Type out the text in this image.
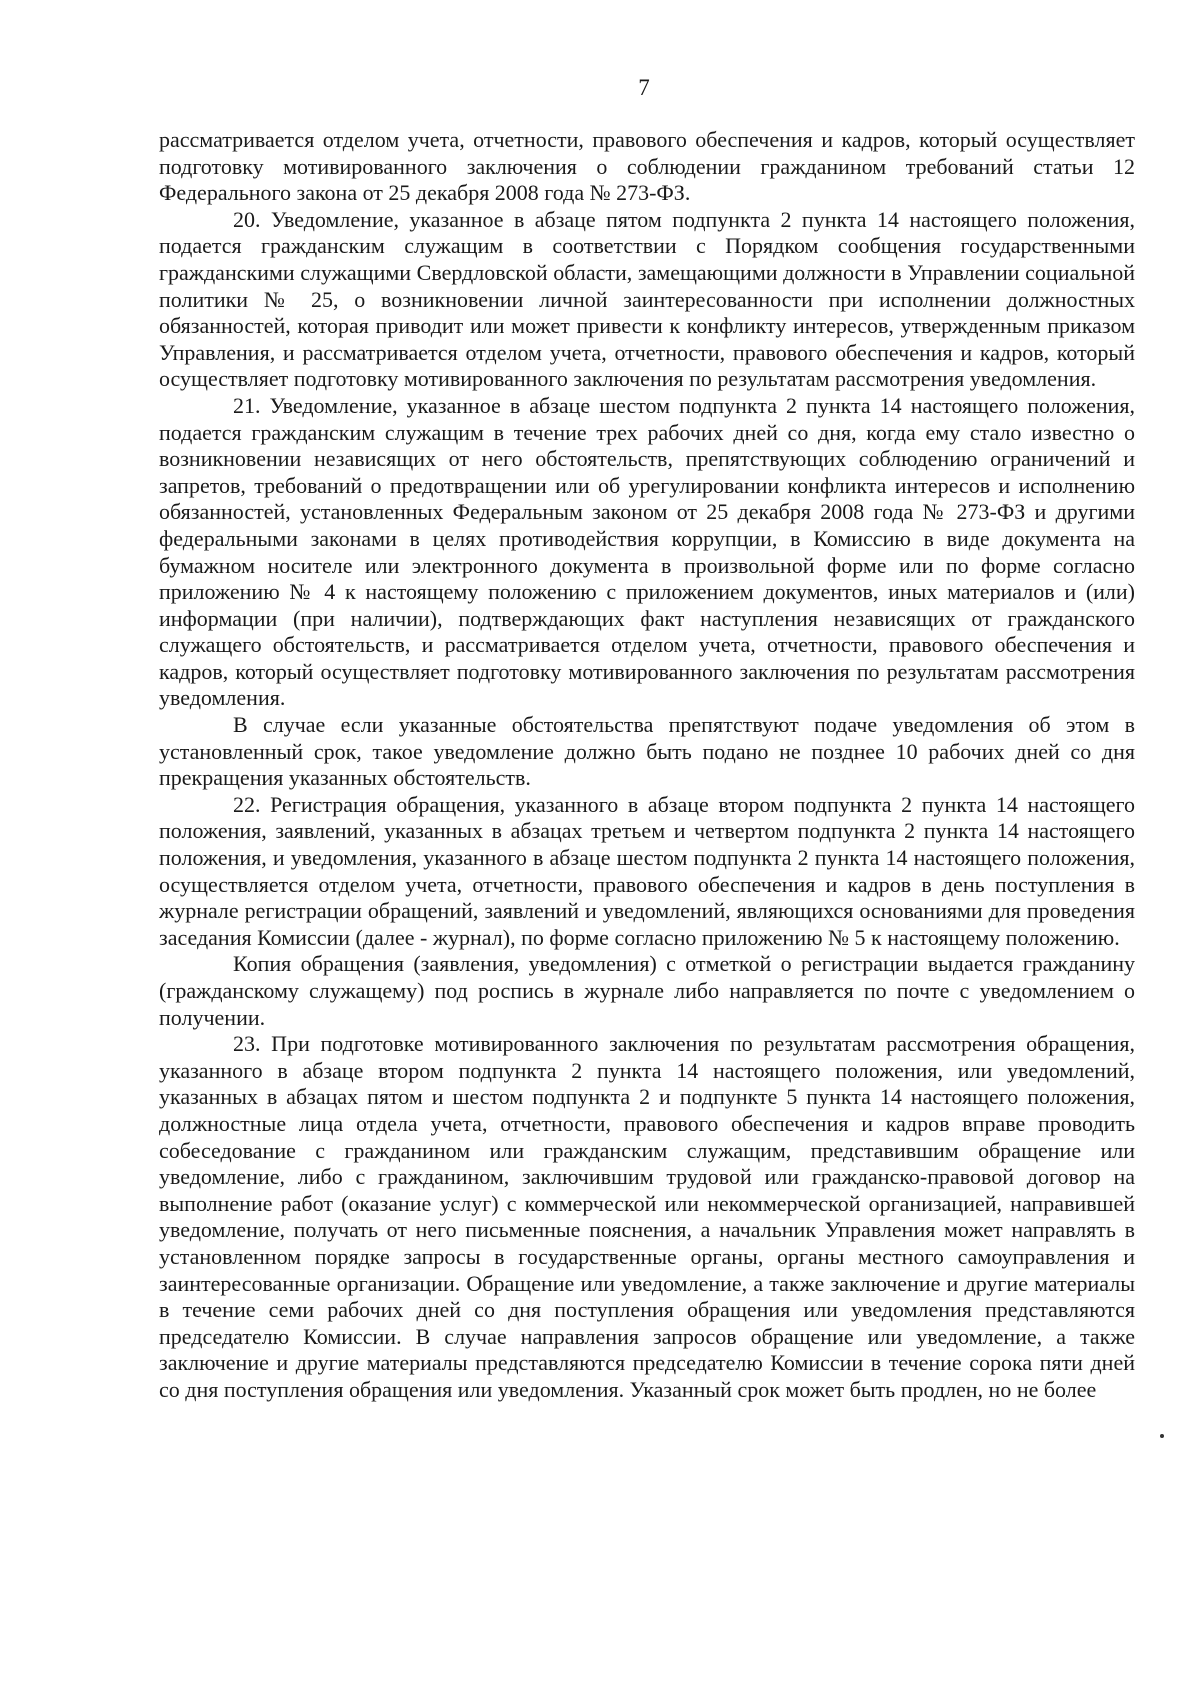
7

рассматривается отделом учета, отчетности, правового обеспечения и кадров, который осуществляет подготовку мотивированного заключения о соблюдении гражданином требований статьи 12 Федерального закона от 25 декабря 2008 года № 273-ФЗ.

20. Уведомление, указанное в абзаце пятом подпункта 2 пункта 14 настоящего положения, подается гражданским служащим в соответствии с Порядком сообщения государственными гражданскими служащими Свердловской области, замещающими должности в Управлении социальной политики № 25, о возникновении личной заинтересованности при исполнении должностных обязанностей, которая приводит или может привести к конфликту интересов, утвержденным приказом Управления, и рассматривается отделом учета, отчетности, правового обеспечения и кадров, который осуществляет подготовку мотивированного заключения по результатам рассмотрения уведомления.

21. Уведомление, указанное в абзаце шестом подпункта 2 пункта 14 настоящего положения, подается гражданским служащим в течение трех рабочих дней со дня, когда ему стало известно о возникновении независящих от него обстоятельств, препятствующих соблюдению ограничений и запретов, требований о предотвращении или об урегулировании конфликта интересов и исполнению обязанностей, установленных Федеральным законом от 25 декабря 2008 года № 273-ФЗ и другими федеральными законами в целях противодействия коррупции, в Комиссию в виде документа на бумажном носителе или электронного документа в произвольной форме или по форме согласно приложению № 4 к настоящему положению с приложением документов, иных материалов и (или) информации (при наличии), подтверждающих факт наступления независящих от гражданского служащего обстоятельств, и рассматривается отделом учета, отчетности, правового обеспечения и кадров, который осуществляет подготовку мотивированного заключения по результатам рассмотрения уведомления.

В случае если указанные обстоятельства препятствуют подаче уведомления об этом в установленный срок, такое уведомление должно быть подано не позднее 10 рабочих дней со дня прекращения указанных обстоятельств.

22. Регистрация обращения, указанного в абзаце втором подпункта 2 пункта 14 настоящего положения, заявлений, указанных в абзацах третьем и четвертом подпункта 2 пункта 14 настоящего положения, и уведомления, указанного в абзаце шестом подпункта 2 пункта 14 настоящего положения, осуществляется отделом учета, отчетности, правового обеспечения и кадров в день поступления в журнале регистрации обращений, заявлений и уведомлений, являющихся основаниями для проведения заседания Комиссии (далее - журнал), по форме согласно приложению № 5 к настоящему положению.

Копия обращения (заявления, уведомления) с отметкой о регистрации выдается гражданину (гражданскому служащему) под роспись в журнале либо направляется по почте с уведомлением о получении.

23. При подготовке мотивированного заключения по результатам рассмотрения обращения, указанного в абзаце втором подпункта 2 пункта 14 настоящего положения, или уведомлений, указанных в абзацах пятом и шестом подпункта 2 и подпункте 5 пункта 14 настоящего положения, должностные лица отдела учета, отчетности, правового обеспечения и кадров вправе проводить собеседование с гражданином или гражданским служащим, представившим обращение или уведомление, либо с гражданином, заключившим трудовой или гражданско-правовой договор на выполнение работ (оказание услуг) с коммерческой или некоммерческой организацией, направившей уведомление, получать от него письменные пояснения, а начальник Управления может направлять в установленном порядке запросы в государственные органы, органы местного самоуправления и заинтересованные организации. Обращение или уведомление, а также заключение и другие материалы в течение семи рабочих дней со дня поступления обращения или уведомления представляются председателю Комиссии. В случае направления запросов обращение или уведомление, а также заключение и другие материалы представляются председателю Комиссии в течение сорока пяти дней со дня поступления обращения или уведомления. Указанный срок может быть продлен, но не более
